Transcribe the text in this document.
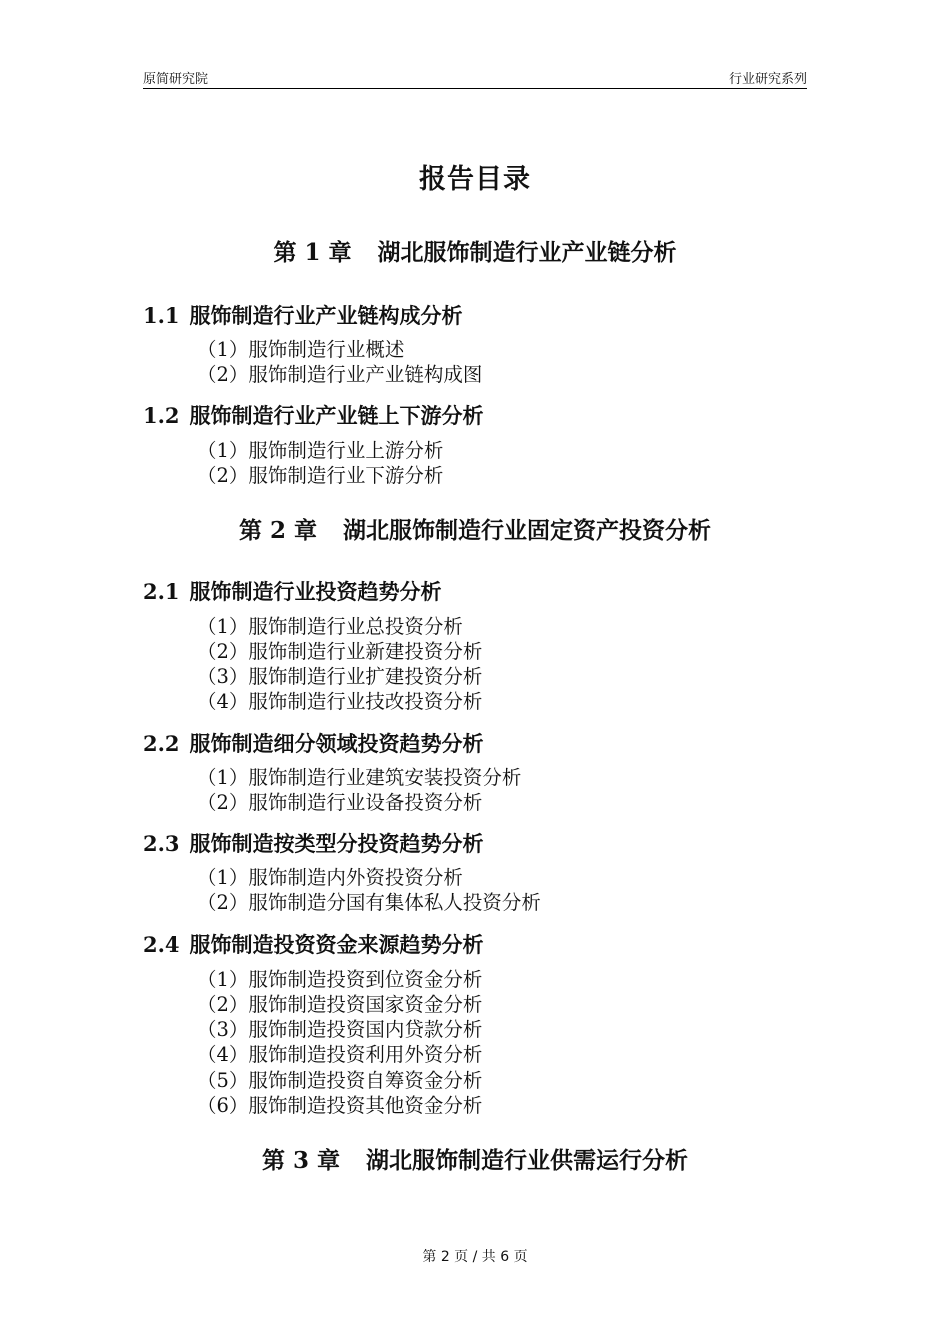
原简研究院	行业研究系列
报告目录
第 1 章 湖北服饰制造行业产业链分析
1.1 服饰制造行业产业链构成分析
（1）服饰制造行业概述
（2）服饰制造行业产业链构成图
1.2 服饰制造行业产业链上下游分析
（1）服饰制造行业上游分析
（2）服饰制造行业下游分析
第 2 章 湖北服饰制造行业固定资产投资分析
2.1 服饰制造行业投资趋势分析
（1）服饰制造行业总投资分析
（2）服饰制造行业新建投资分析
（3）服饰制造行业扩建投资分析
（4）服饰制造行业技改投资分析
2.2 服饰制造细分领域投资趋势分析
（1）服饰制造行业建筑安装投资分析
（2）服饰制造行业设备投资分析
2.3 服饰制造按类型分投资趋势分析
（1）服饰制造内外资投资分析
（2）服饰制造分国有集体私人投资分析
2.4 服饰制造投资资金来源趋势分析
（1）服饰制造投资到位资金分析
（2）服饰制造投资国家资金分析
（3）服饰制造投资国内贷款分析
（4）服饰制造投资利用外资分析
（5）服饰制造投资自筹资金分析
（6）服饰制造投资其他资金分析
第 3 章 湖北服饰制造行业供需运行分析
第 2 页 / 共 6 页
